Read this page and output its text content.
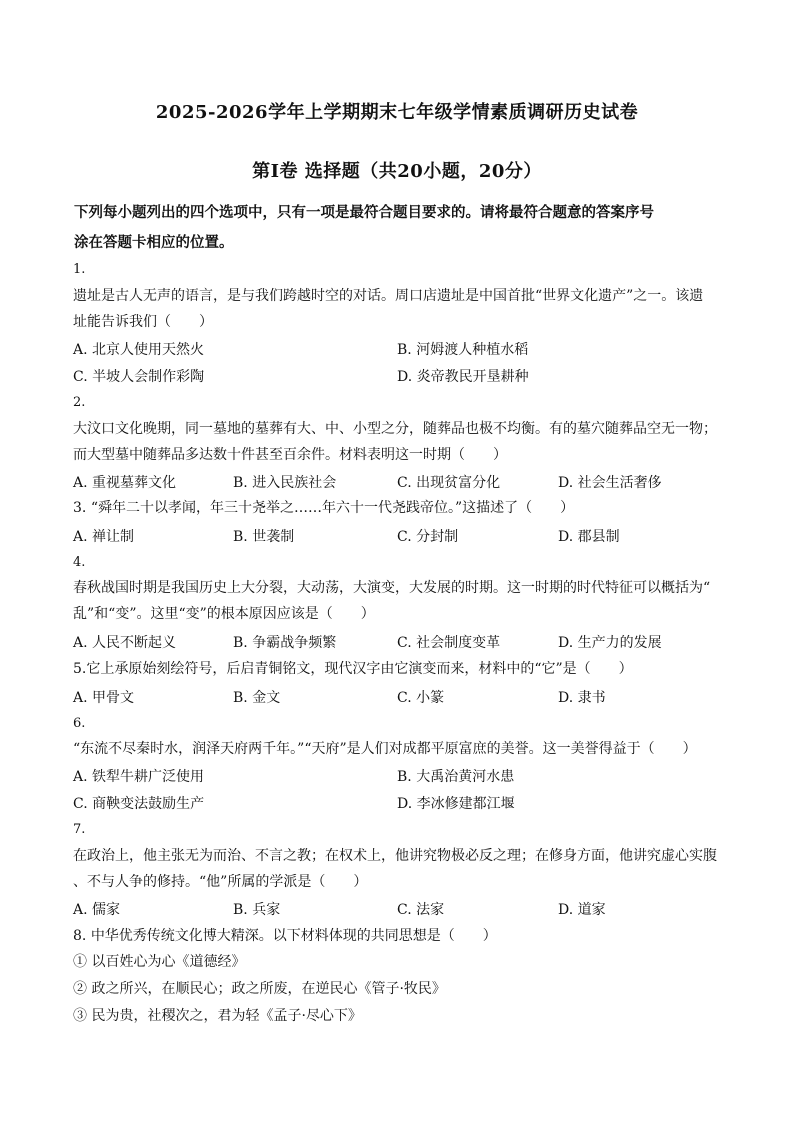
2025-2026学年上学期期末七年级学情素质调研历史试卷
第Ⅰ卷 选择题（共20小题，20分）
下列每小题列出的四个选项中，只有一项是最符合题目要求的。请将最符合题意的答案序号
涂在答题卡相应的位置。
1.
遗址是古人无声的语言，是与我们跨越时空的对话。周口店遗址是中国首批“世界文化遗产”之一。该遗
址能告诉我们（　　）
A. 北京人使用天然火	B. 河姆渡人种植水稻
C. 半坡人会制作彩陶	D. 炎帝教民开垦耕种
2.
大汶口文化晚期，同一墓地的墓葬有大、中、小型之分，随葬品也极不均衡。有的墓穴随葬品空无一物；
而大型墓中随葬品多达数十件甚至百余件。材料表明这一时期（　　）
A. 重视墓葬文化	B. 进入民族社会	C. 出现贫富分化	D. 社会生活奢侈
3. “舜年二十以孝闻，年三十尧举之……年六十一代尧践帝位。”这描述了（　　）
A. 禅让制	B. 世袭制	C. 分封制	D. 郡县制
4.
春秋战国时期是我国历史上大分裂，大动荡，大演变，大发展的时期。这一时期的时代特征可以概括为“
乱”和“变”。这里“变”的根本原因应该是（　　）
A. 人民不断起义	B. 争霸战争频繁	C. 社会制度变革	D. 生产力的发展
5.它上承原始刻绘符号，后启青铜铭文，现代汉字由它演变而来，材料中的“它”是（　　）
A. 甲骨文	B. 金文	C. 小篆	D. 隶书
6.
“东流不尽秦时水，润泽天府两千年。”“天府”是人们对成都平原富庶的美誉。这一美誉得益于（　　）
A. 铁犁牛耕广泛使用	B. 大禹治黄河水患
C. 商鞅变法鼓励生产	D. 李冰修建都江堰
7.
在政治上，他主张无为而治、不言之教；在权术上，他讲究物极必反之理；在修身方面，他讲究虚心实腹
、不与人争的修持。“他”所属的学派是（　　）
A. 儒家	B. 兵家	C. 法家	D. 道家
8. 中华优秀传统文化博大精深。以下材料体现的共同思想是（　　）
① 以百姓心为心《道德经》
② 政之所兴，在顺民心；政之所废，在逆民心《管子·牧民》
③ 民为贵，社稷次之，君为轻《孟子·尽心下》
